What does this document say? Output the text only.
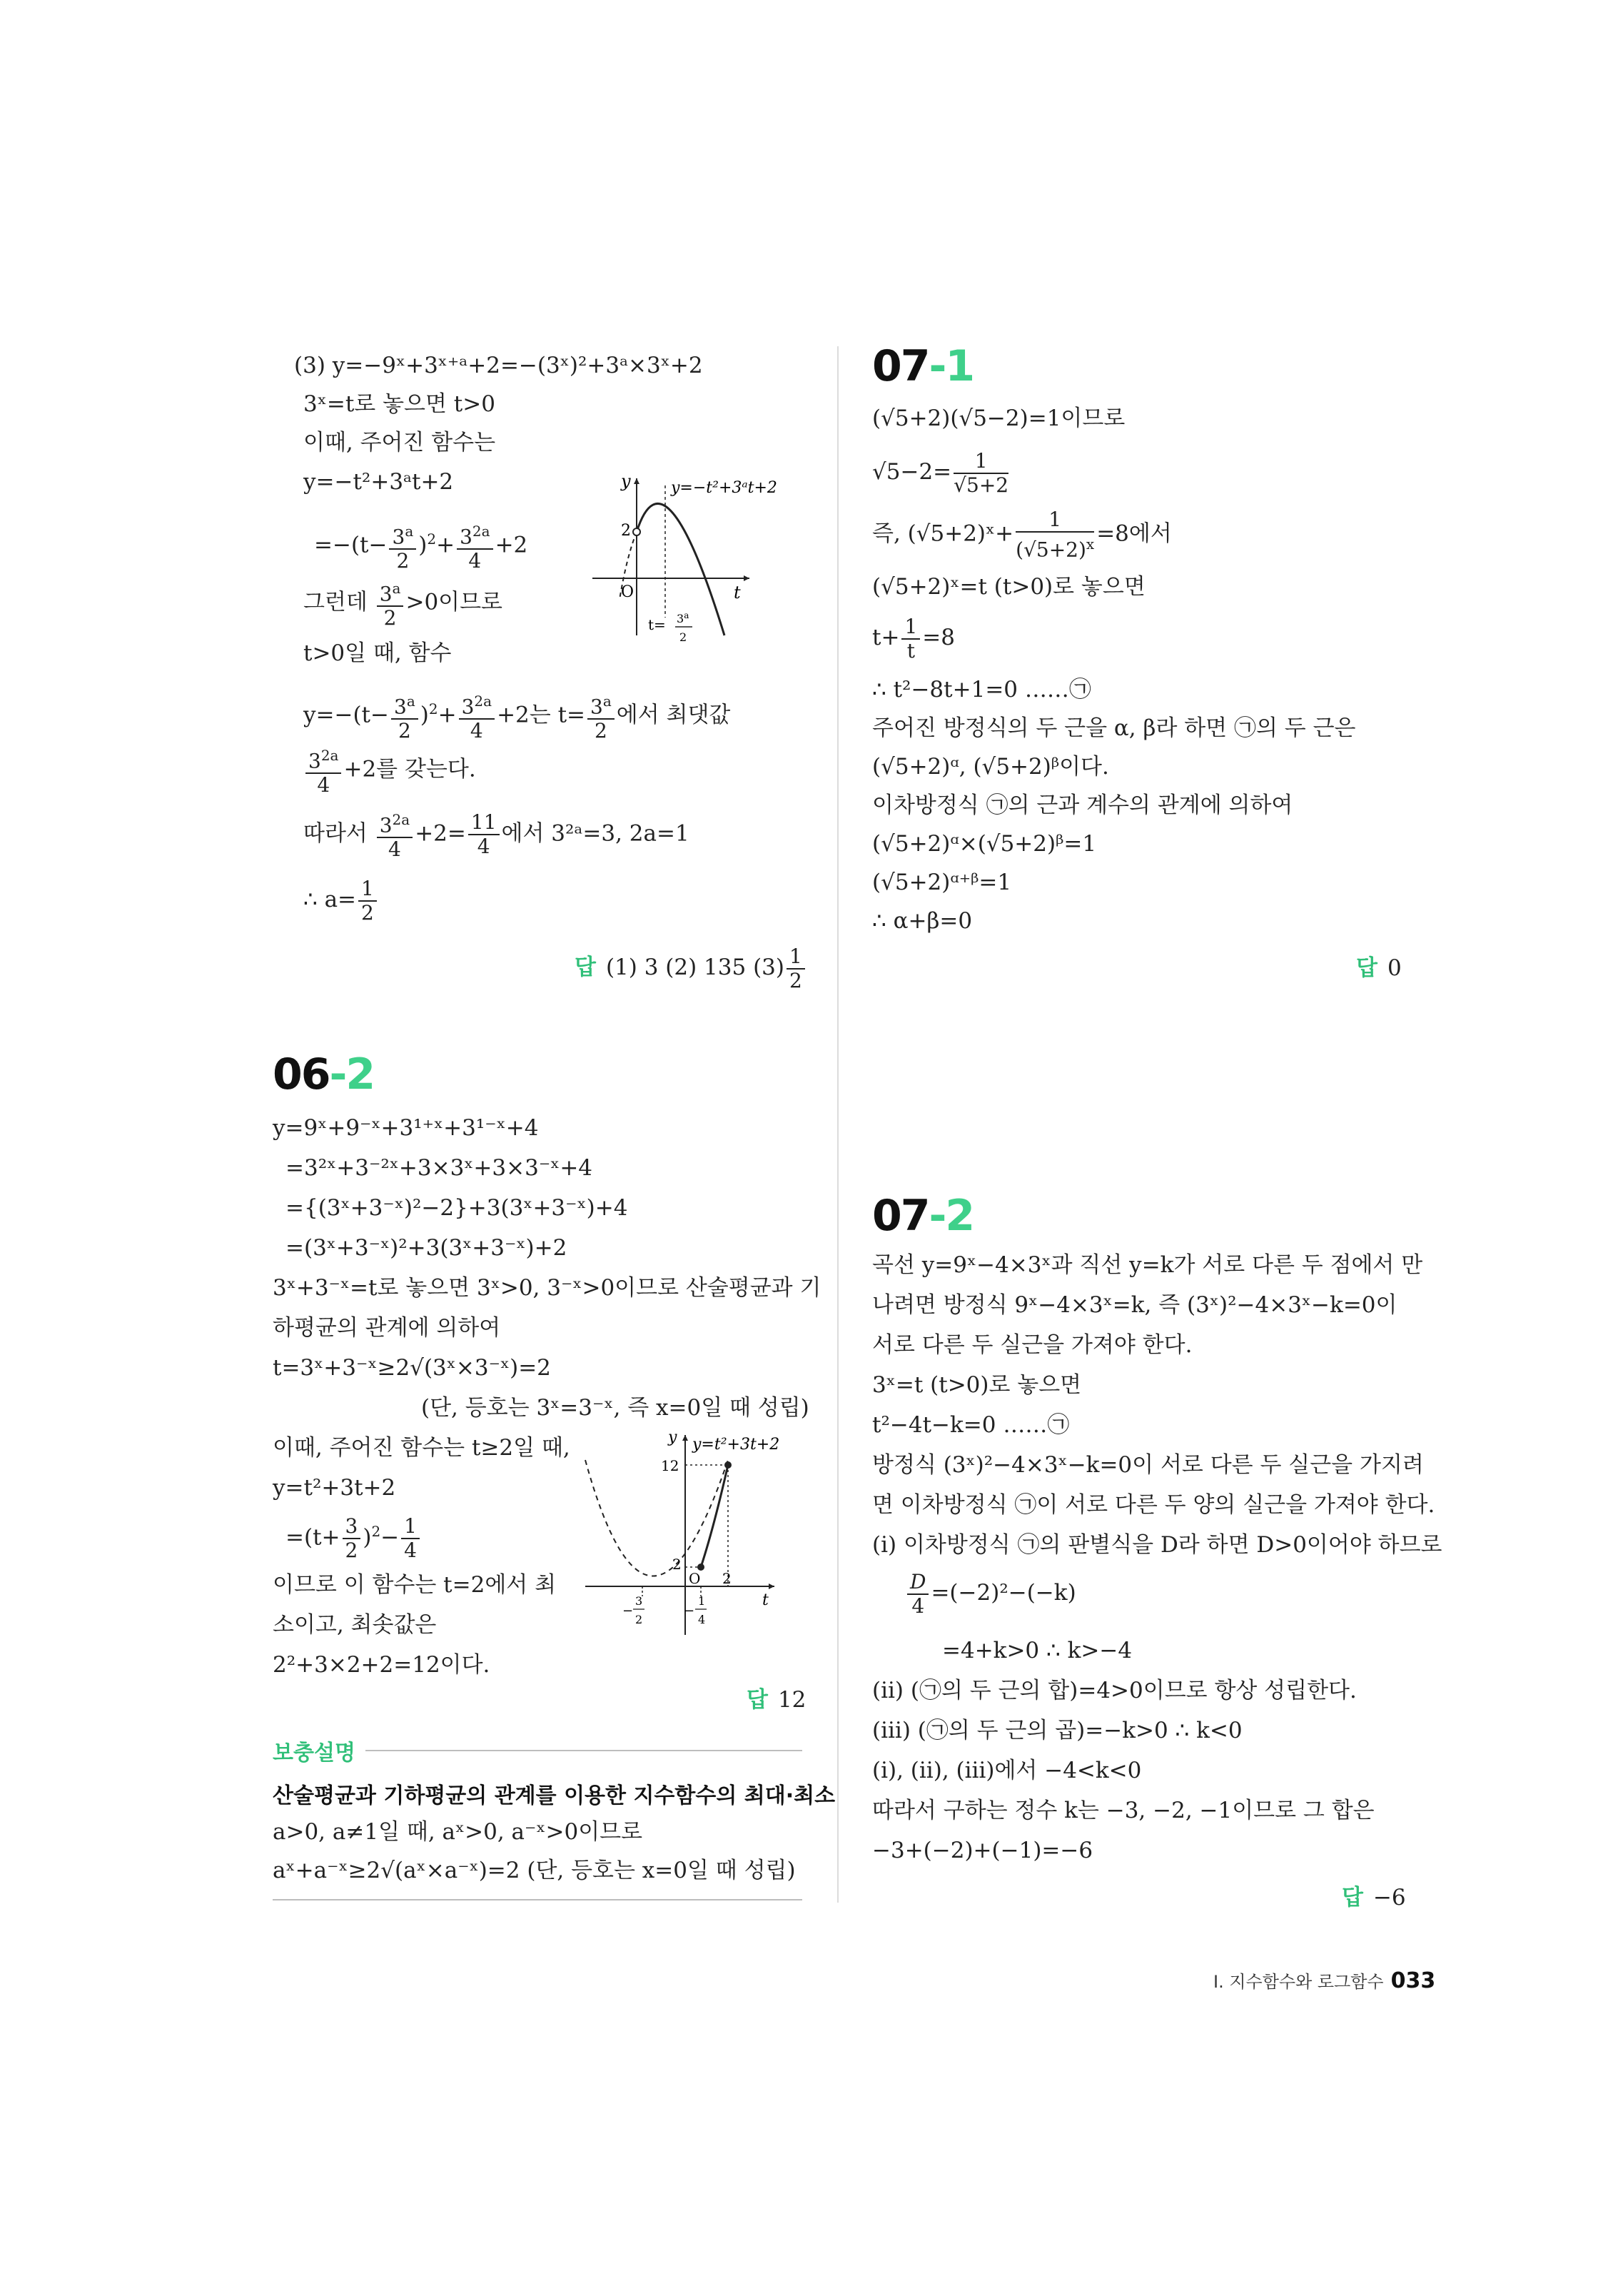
(3) y=−9ˣ+3ˣ⁺ᵃ+2=−(3ˣ)²+3ᵃ×3ˣ+2
3ˣ=t로 놓으면 t>0
이때, 주어진 함수는
y=−t²+3ᵃt+2
$=-(t- \frac{3^a}{2} )^2+ \frac{3^{2a}}{4} +2$
그런데 $\frac{3^a}{2} >0$이므로
t>0일 때, 함수
$y=-(t- \frac{3^a}{2} )^2+ \frac{3^{2a}}{4} +2$는 $t= \frac{3^a}{2}$ 에서 최댓값
$\frac{3^{2a}}{4} +2$를 갖는다.
따라서 $\frac{3^{2a}}{4} +2= \frac{11}{4}$ 에서 3²ᵃ=3, 2a=1
∴ $a= \frac{1}{2}$
y
t
O
2
y=−t²+3ᵃt+2
$t= 3^a$
2
답 (1) 3 (2) 135 $(3) \frac{1}{2}$
06-2
y=9ˣ+9⁻ˣ+3¹⁺ˣ+3¹⁻ˣ+4
=3²ˣ+3⁻²ˣ+3×3ˣ+3×3⁻ˣ+4
={(3ˣ+3⁻ˣ)²−2}+3(3ˣ+3⁻ˣ)+4
=(3ˣ+3⁻ˣ)²+3(3ˣ+3⁻ˣ)+2
3ˣ+3⁻ˣ=t로 놓으면 3ˣ>0, 3⁻ˣ>0이므로 산술평균과 기
하평균의 관계에 의하여
t=3ˣ+3⁻ˣ≥2√(3ˣ×3⁻ˣ)=2
(단, 등호는 3ˣ=3⁻ˣ, 즉 x=0일 때 성립)
이때, 주어진 함수는 t≥2일 때,
y=t²+3t+2
$=(t+ \frac{3}{2} )^2- \frac{1}{4}$
이므로 이 함수는 t=2에서 최
소이고, 최솟값은
2²+3×2+2=12이다.
y y=t²+3t+2
12
2
O 2
t
−
3
2
−
1
4
답 12
보충설명
산술평균과 기하평균의 관계를 이용한 지수함수의 최대·최소
a>0, a≠1일 때, aˣ>0, a⁻ˣ>0이므로
aˣ+a⁻ˣ≥2√(aˣ×a⁻ˣ)=2 (단, 등호는 x=0일 때 성립)
07-1
(√5+2)(√5−2)=1이므로
$√5-2= \frac{1}{√5+2}$
즉, (√5+2)ˣ+ $\frac{1}{(√5+2)^x} =8$에서
(√5+2)ˣ=t (t>0)로 놓으면
$t+ \frac{1}{t} =8$
∴ t²−8t+1=0 ……㉠
주어진 방정식의 두 근을 α, β라 하면 ㉠의 두 근은
(√5+2)ᵅ, (√5+2)ᵝ이다.
이차방정식 ㉠의 근과 계수의 관계에 의하여
(√5+2)ᵅ×(√5+2)ᵝ=1
(√5+2)ᵅ⁺ᵝ=1
∴ α+β=0
답 0
07-2
곡선 y=9ˣ−4×3ˣ과 직선 y=k가 서로 다른 두 점에서 만
나려면 방정식 9ˣ−4×3ˣ=k, 즉 (3ˣ)²−4×3ˣ−k=0이
서로 다른 두 실근을 가져야 한다.
3ˣ=t (t>0)로 놓으면
t²−4t−k=0 ……㉠
방정식 (3ˣ)²−4×3ˣ−k=0이 서로 다른 두 실근을 가지려
면 이차방정식 ㉠이 서로 다른 두 양의 실근을 가져야 한다.
(ⅰ) 이차방정식 ㉠의 판별식을 D라 하면 D>0이어야 하므로
$\frac{D}{4} =(-2)^2-(-k)$
=4+k>0 ∴ k>−4
(ⅱ) (㉠의 두 근의 합)=4>0이므로 항상 성립한다.
(ⅲ) (㉠의 두 근의 곱)=−k>0 ∴ k<0
(ⅰ), (ⅱ), (ⅲ)에서 −4<k<0
따라서 구하는 정수 k는 −3, −2, −1이므로 그 합은
−3+(−2)+(−1)=−6
답 −6
Ⅰ. 지수함수와 로그함수 033
